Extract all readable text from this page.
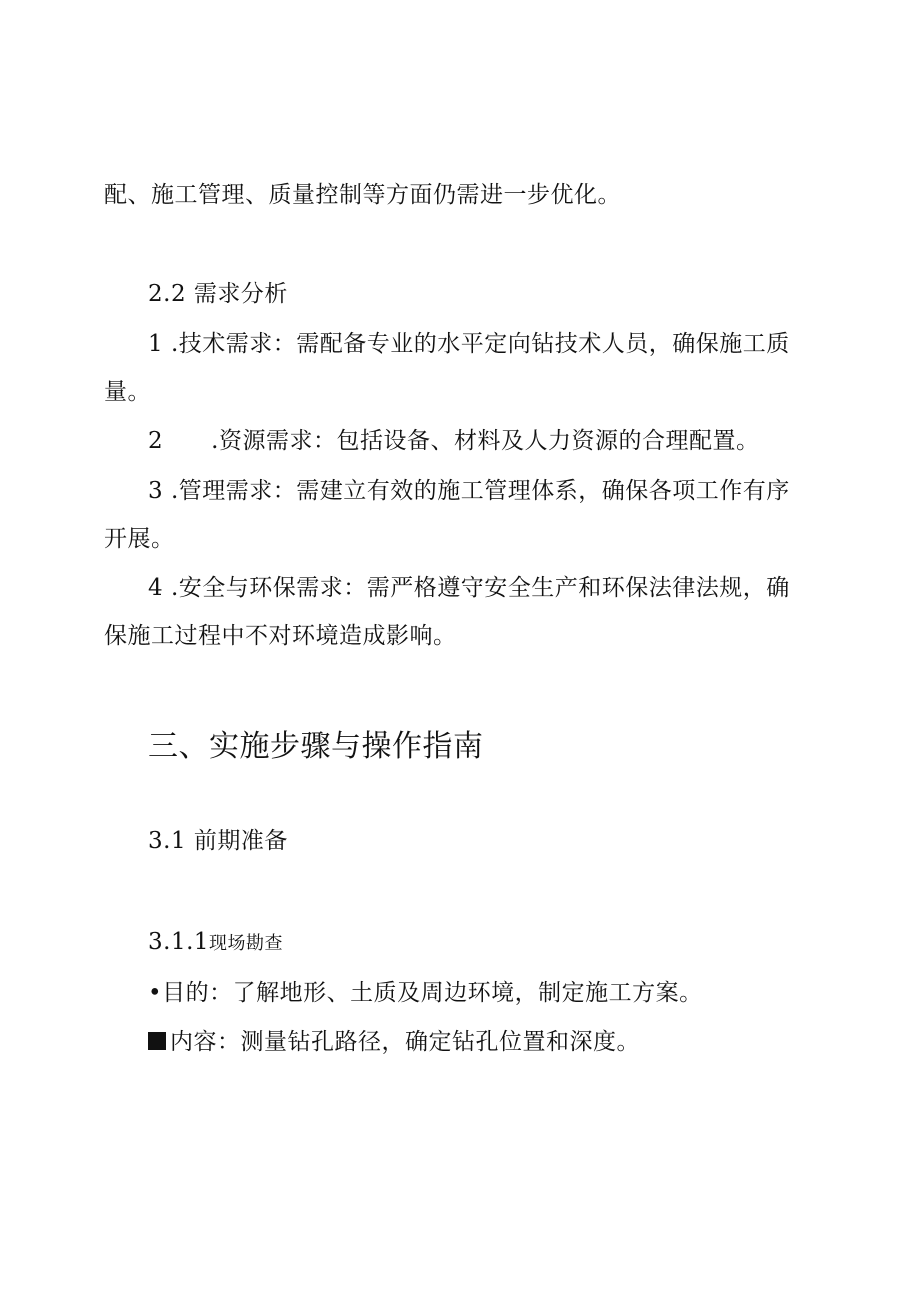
配、施工管理、质量控制等方面仍需进一步优化。
2.2 需求分析
1 .技术需求：需配备专业的水平定向钻技术人员，确保施工质
量。
2 .资源需求：包括设备、材料及人力资源的合理配置。
3 .管理需求：需建立有效的施工管理体系，确保各项工作有序
开展。
4 .安全与环保需求：需严格遵守安全生产和环保法律法规，确
保施工过程中不对环境造成影响。
三、实施步骤与操作指南
3.1 前期准备
3.1.1现场勘查
•目的：了解地形、土质及周边环境，制定施工方案。
内容：测量钻孔路径，确定钻孔位置和深度。
